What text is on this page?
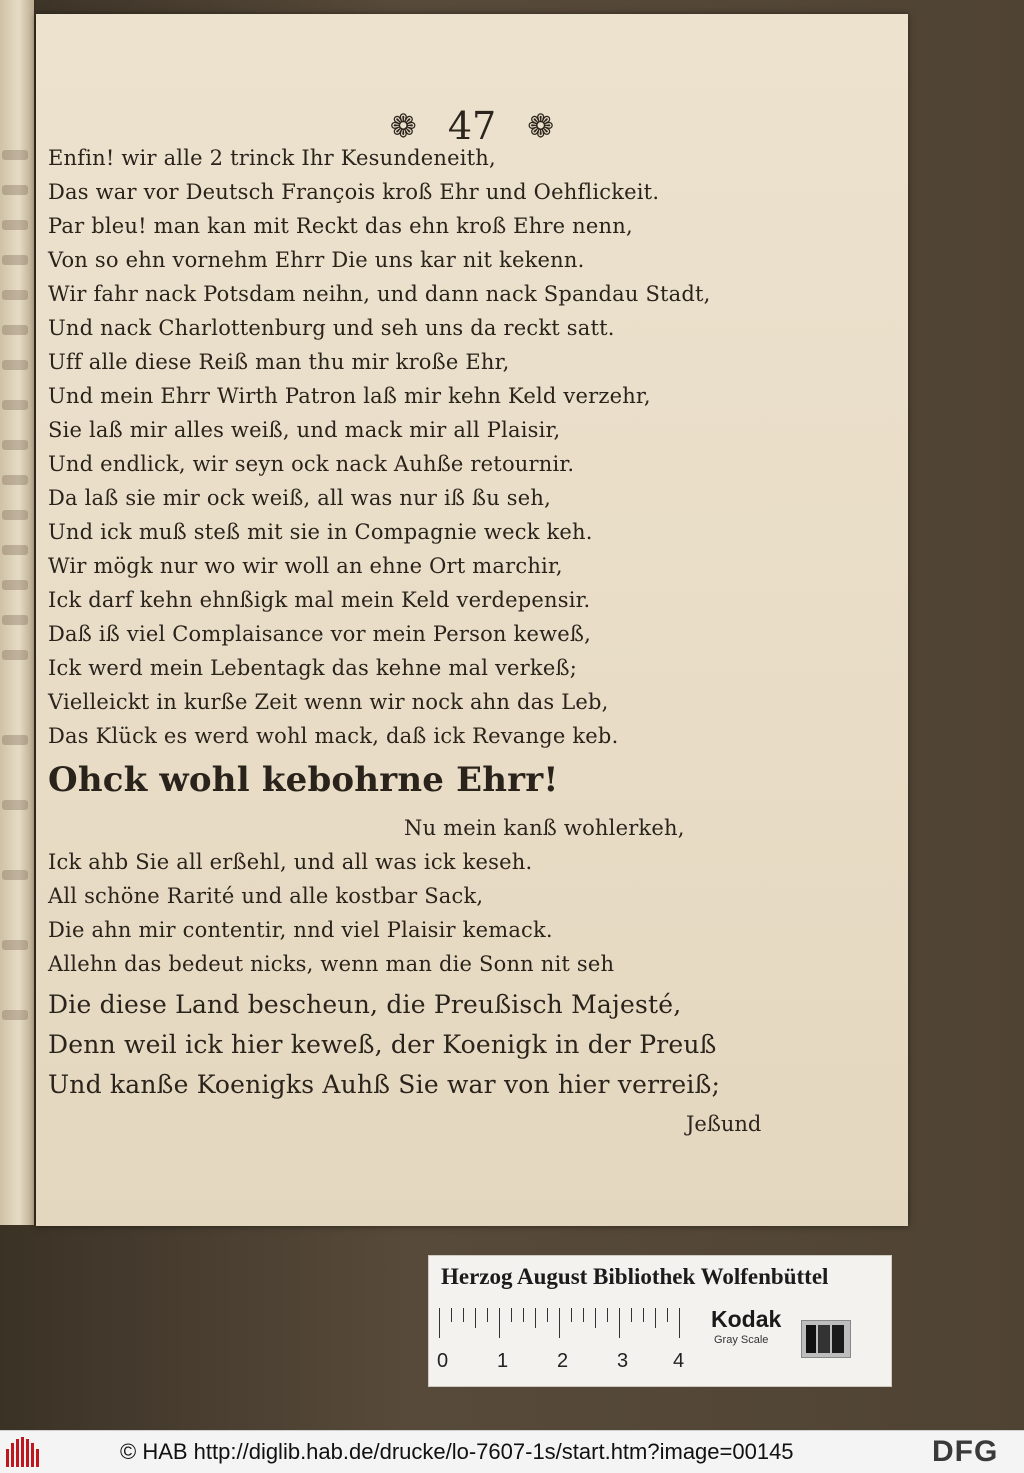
❁ 47 ❁
Enfin! wir alle 2 trinck Ihr Kesundeneith,
Das war vor Deutsch François kroß Ehr und Oehflickeit.
Par bleu! man kan mit Reckt das ehn kroß Ehre nenn,
Von so ehn vornehm Ehrr Die uns kar nit kekenn.
Wir fahr nack Potsdam neihn, und dann nack Spandau Stadt,
Und nack Charlottenburg und seh uns da reckt satt.
Uff alle diese Reiß man thu mir kroße Ehr,
Und mein Ehrr Wirth Patron laß mir kehn Keld verzehr,
Sie laß mir alles weiß, und mack mir all Plaisir,
Und endlick, wir seyn ock nack Auhße retournir.
Da laß sie mir ock weiß, all was nur iß ßu seh,
Und ick muß steß mit sie in Compagnie weck keh.
Wir mögk nur wo wir woll an ehne Ort marchir,
Ick darf kehn ehnßigk mal mein Keld verdepensir.
Daß iß viel Complaisance vor mein Person keweß,
Ick werd mein Lebentagk das kehne mal verkeß;
Vielleickt in kurße Zeit wenn wir nock ahn das Leb,
Das Klück es werd wohl mack, daß ick Revange keb.
Ohck wohl kebohrne Ehrr!
Nu mein kanß wohlerkeh,
Ick ahb Sie all erßehl, und all was ick keseh.
All schöne Rarité und alle kostbar Sack,
Die ahn mir contentir, nnd viel Plaisir kemack.
Allehn das bedeut nicks, wenn man die Sonn nit seh
Die diese Land bescheun, die Preußisch Majesté,
Denn weil ick hier keweß, der Koenigk in der Preuß
Und kanße Koenigks Auhß Sie war von hier verreiß;
Jeßund
Herzog August Bibliothek Wolfenbüttel
0 1 2 3 4
Kodak
Gray Scale
© HAB http://diglib.hab.de/drucke/lo-7607-1s/start.htm?image=00145	DFG
